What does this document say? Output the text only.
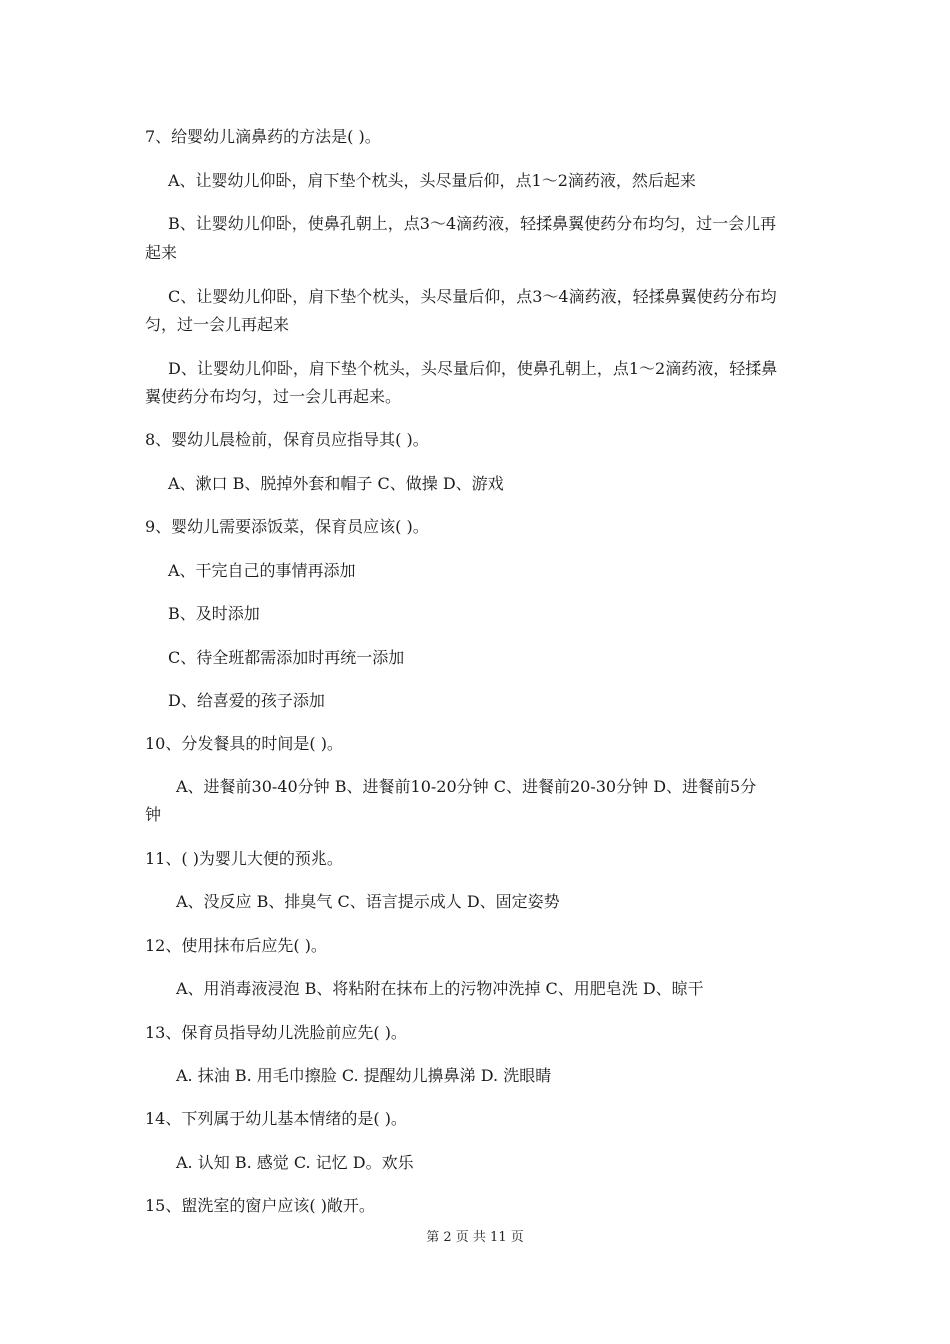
7、给婴幼儿滴鼻药的方法是( )。
A、让婴幼儿仰卧，肩下垫个枕头，头尽量后仰，点1～2滴药液，然后起来
B、让婴幼儿仰卧，使鼻孔朝上，点3～4滴药液，轻揉鼻翼使药分布均匀，过一会儿再
起来
C、让婴幼儿仰卧，肩下垫个枕头，头尽量后仰，点3～4滴药液，轻揉鼻翼使药分布均
匀，过一会儿再起来
D、让婴幼儿仰卧，肩下垫个枕头，头尽量后仰，使鼻孔朝上，点1～2滴药液，轻揉鼻
翼使药分布均匀，过一会儿再起来。
8、婴幼儿晨检前，保育员应指导其( )。
A、漱口 B、脱掉外套和帽子 C、做操 D、游戏
9、婴幼儿需要添饭菜，保育员应该( )。
A、干完自己的事情再添加
B、及时添加
C、待全班都需添加时再统一添加
D、给喜爱的孩子添加
10、分发餐具的时间是( )。
A、进餐前30-40分钟 B、进餐前10-20分钟 C、进餐前20-30分钟 D、进餐前5分
钟
11、( )为婴儿大便的预兆。
A、没反应 B、排臭气 C、语言提示成人 D、固定姿势
12、使用抹布后应先( )。
A、用消毒液浸泡 B、将粘附在抹布上的污物冲洗掉 C、用肥皂洗 D、晾干
13、保育员指导幼儿洗脸前应先( )。
A. 抹油 B. 用毛巾擦脸 C. 提醒幼儿擤鼻涕 D. 洗眼睛
14、下列属于幼儿基本情绪的是( )。
A. 认知 B. 感觉 C. 记忆 D。欢乐
15、盥洗室的窗户应该( )敞开。
第 2 页 共 11 页
